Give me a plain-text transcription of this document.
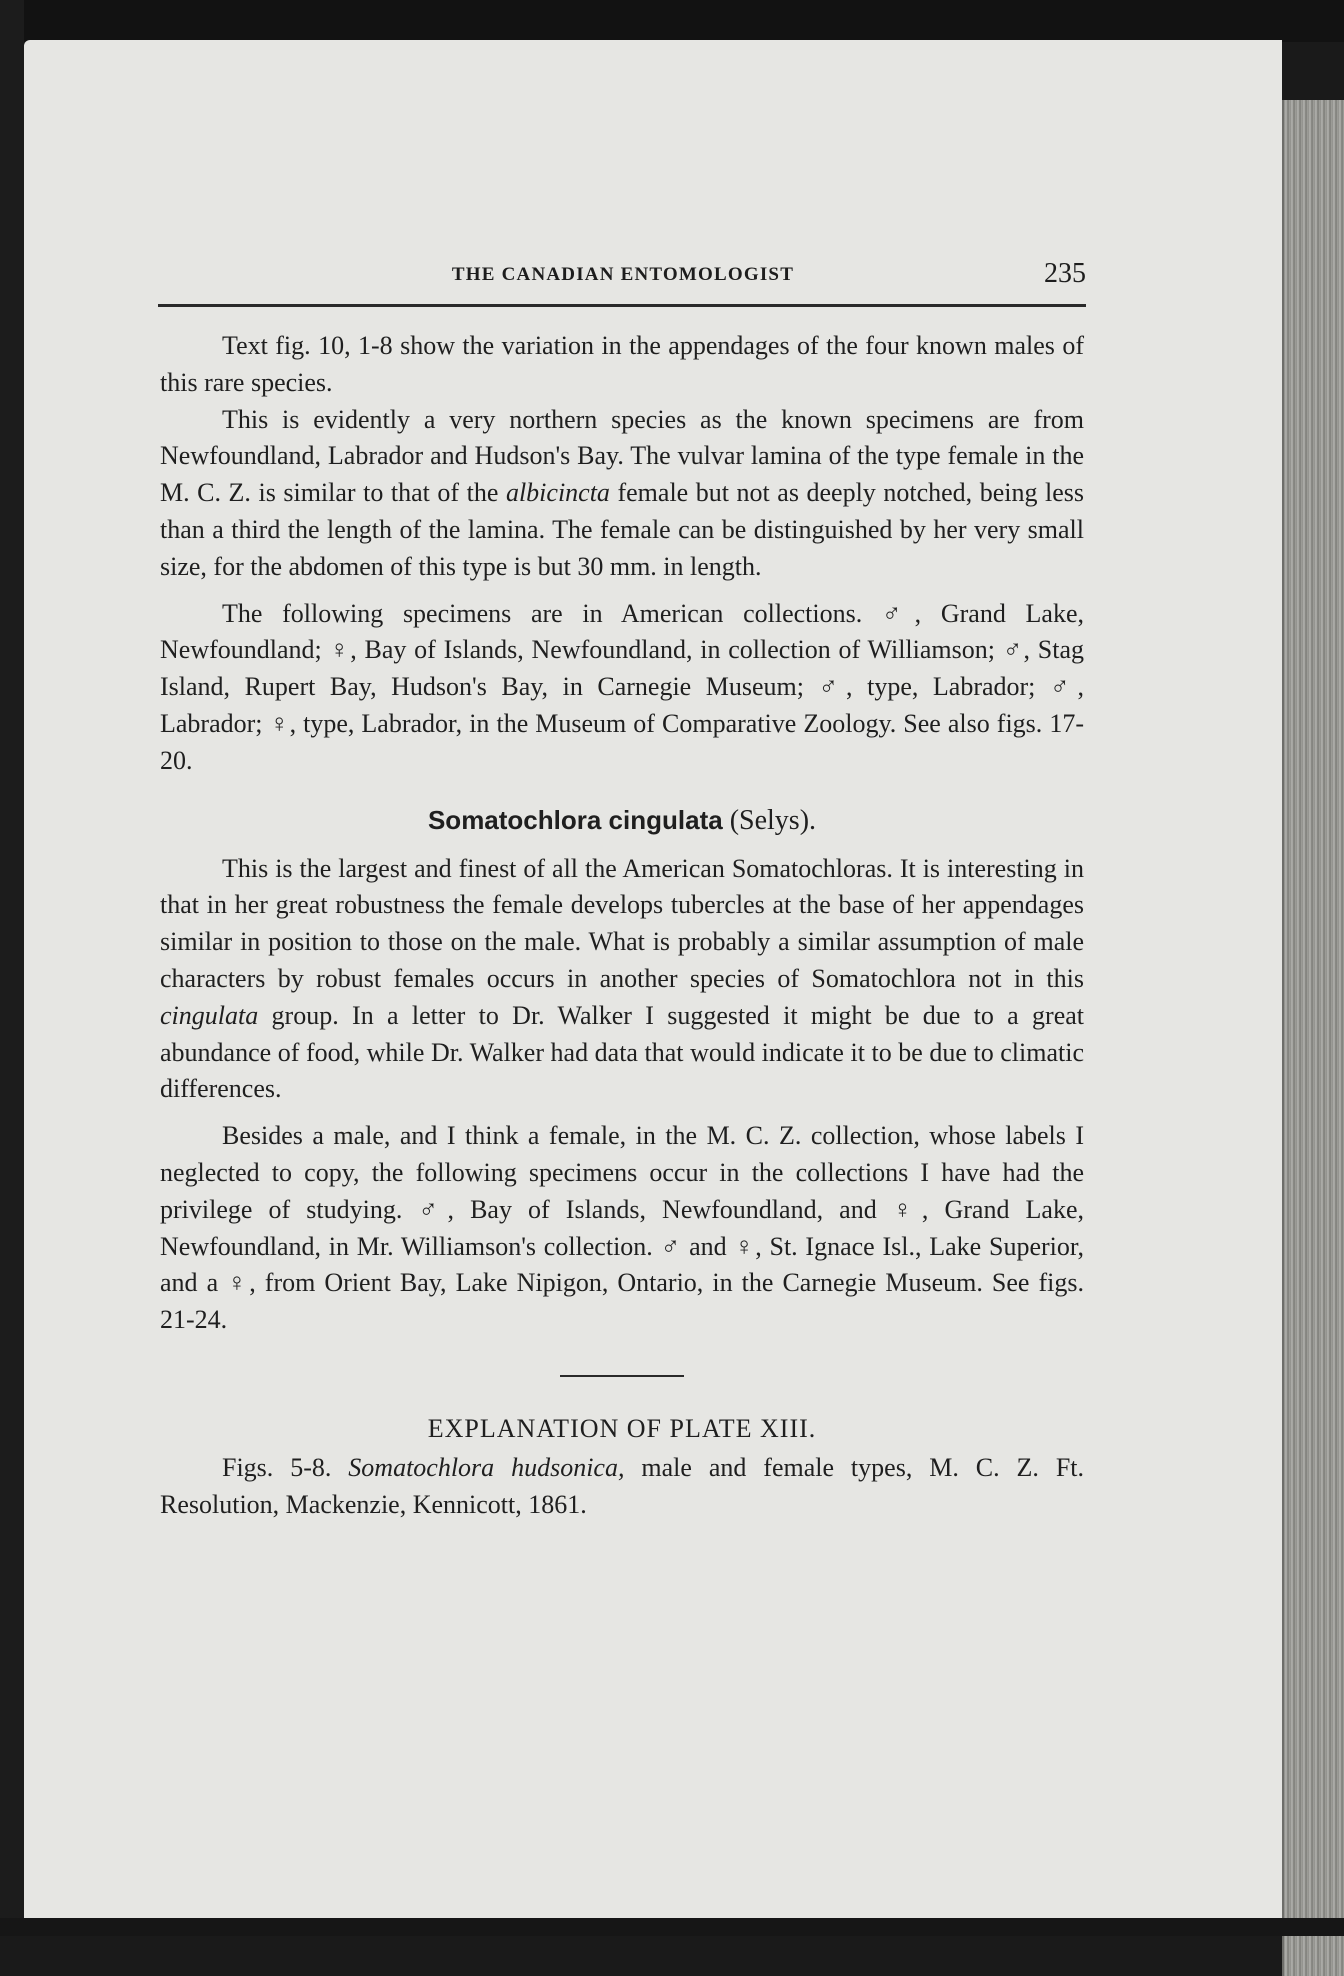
THE CANADIAN ENTOMOLOGIST	235

Text fig. 10, 1-8 show the variation in the appendages of the four known males of this rare species.

This is evidently a very northern species as the known specimens are from Newfoundland, Labrador and Hudson's Bay. The vulvar lamina of the type female in the M. C. Z. is similar to that of the albicincta female but not as deeply notched, being less than a third the length of the lamina. The female can be distinguished by her very small size, for the abdomen of this type is but 30 mm. in length.

The following specimens are in American collections. ♂, Grand Lake, Newfoundland; ♀, Bay of Islands, Newfoundland, in collection of Williamson; ♂, Stag Island, Rupert Bay, Hudson's Bay, in Carnegie Museum; ♂, type, Labrador; ♂, Labrador; ♀, type, Labrador, in the Museum of Comparative Zoology. See also figs. 17-20.

Somatochlora cingulata (Selys).

This is the largest and finest of all the American Somatochloras. It is interesting in that in her great robustness the female develops tubercles at the base of her appendages similar in position to those on the male. What is probably a similar assumption of male characters by robust females occurs in another species of Somatochlora not in this cingulata group. In a letter to Dr. Walker I suggested it might be due to a great abundance of food, while Dr. Walker had data that would indicate it to be due to climatic differences.

Besides a male, and I think a female, in the M. C. Z. collection, whose labels I neglected to copy, the following specimens occur in the collections I have had the privilege of studying. ♂, Bay of Islands, Newfoundland, and ♀, Grand Lake, Newfoundland, in Mr. Williamson's collection. ♂ and ♀, St. Ignace Isl., Lake Superior, and a ♀, from Orient Bay, Lake Nipigon, Ontario, in the Carnegie Museum. See figs. 21-24.

EXPLANATION OF PLATE XIII.

Figs. 5-8. Somatochlora hudsonica, male and female types, M. C. Z. Ft. Resolution, Mackenzie, Kennicott, 1861.
